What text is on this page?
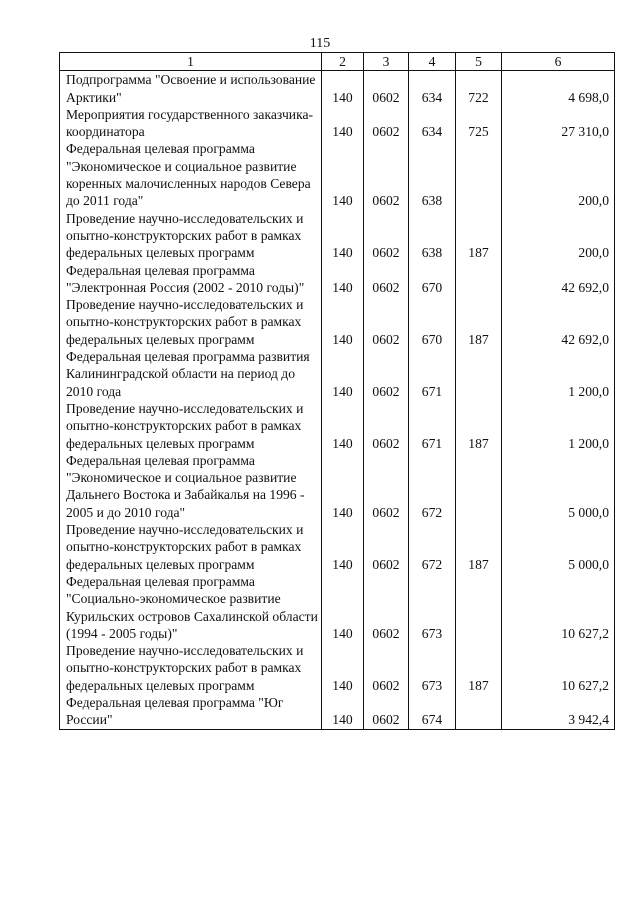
115
1	2	3	4	5	6
Подпрограмма "Освоение и использование Арктики"	140	0602	634	722	4 698,0
Мероприятия государственного заказчика-координатора	140	0602	634	725	27 310,0
Федеральная целевая программа "Экономическое и социальное развитие коренных малочисленных народов Севера до 2011 года"	140	0602	638		200,0
Проведение научно-исследовательских и опытно-конструкторских работ в рамках федеральных целевых программ	140	0602	638	187	200,0
Федеральная целевая программа "Электронная Россия (2002 - 2010 годы)"	140	0602	670		42 692,0
Проведение научно-исследовательских и опытно-конструкторских работ в рамках федеральных целевых программ	140	0602	670	187	42 692,0
Федеральная целевая программа развития Калининградской области на период до 2010 года	140	0602	671		1 200,0
Проведение научно-исследовательских и опытно-конструкторских работ в рамках федеральных целевых программ	140	0602	671	187	1 200,0
Федеральная целевая программа "Экономическое и социальное развитие Дальнего Востока и Забайкалья на 1996 - 2005 и до 2010 года"	140	0602	672		5 000,0
Проведение научно-исследовательских и опытно-конструкторских работ в рамках федеральных целевых программ	140	0602	672	187	5 000,0
Федеральная целевая программа "Социально-экономическое развитие Курильских островов Сахалинской области (1994 - 2005 годы)"	140	0602	673		10 627,2
Проведение научно-исследовательских и опытно-конструкторских работ в рамках федеральных целевых программ	140	0602	673	187	10 627,2
Федеральная целевая программа "Юг России"	140	0602	674		3 942,4
